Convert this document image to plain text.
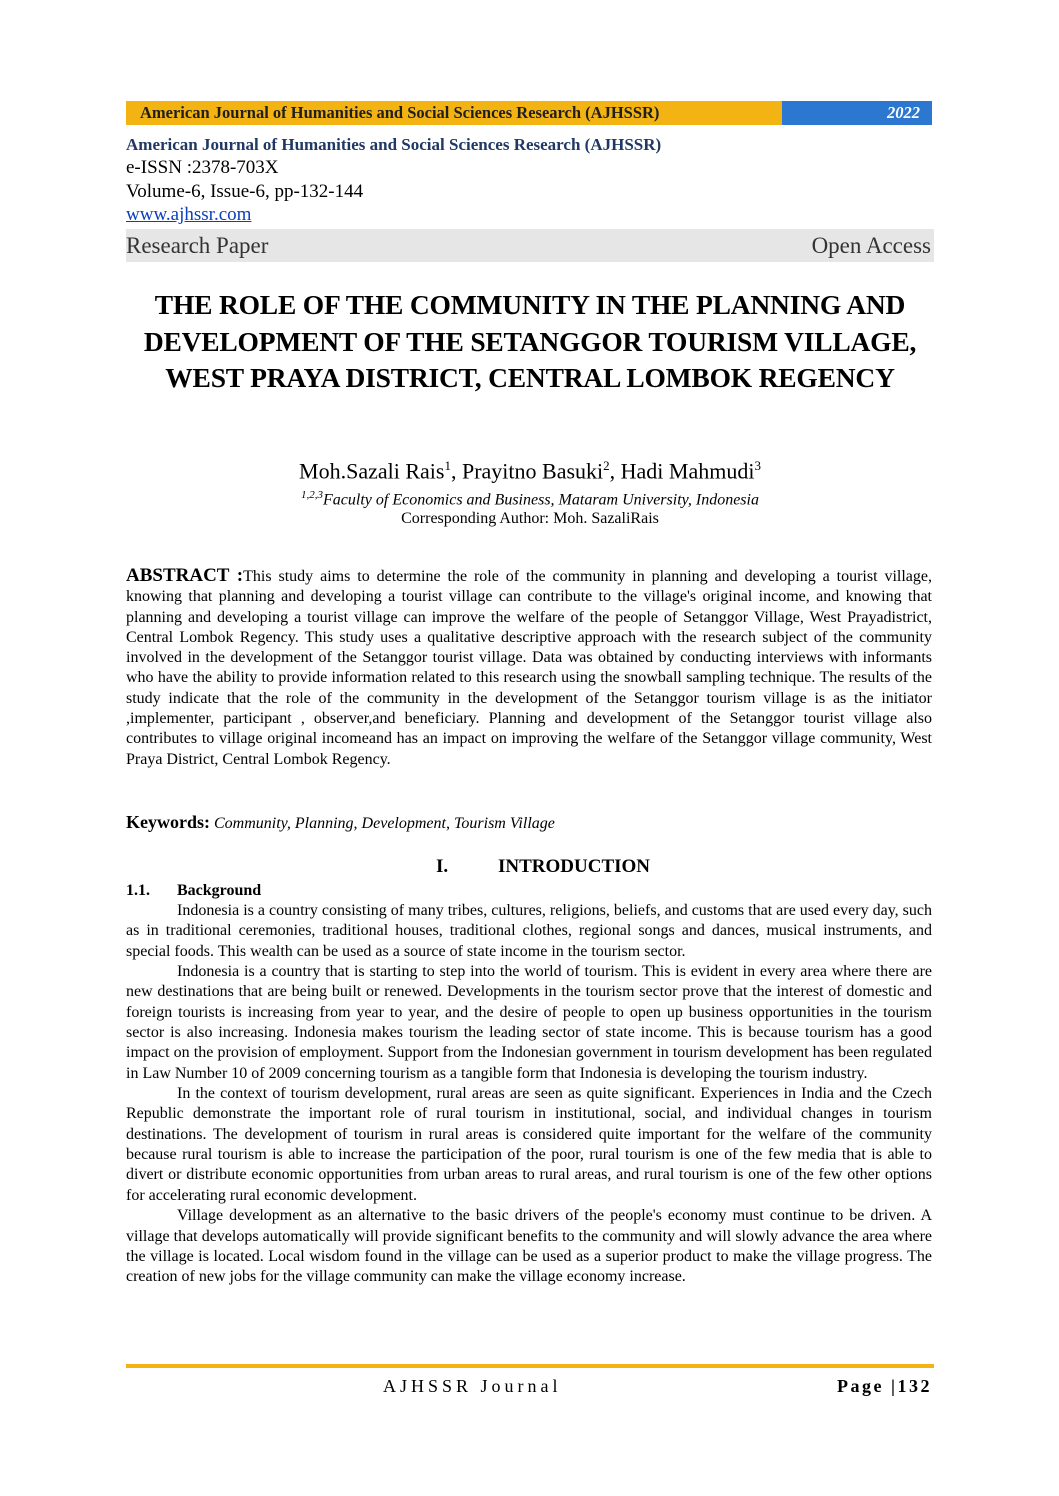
American Journal of Humanities and Social Sciences Research (AJHSSR)	2022
American Journal of Humanities and Social Sciences Research (AJHSSR)
e-ISSN :2378-703X
Volume-6, Issue-6, pp-132-144
www.ajhssr.com
Research Paper	Open Access
THE ROLE OF THE COMMUNITY IN THE PLANNING AND DEVELOPMENT OF THE SETANGGOR TOURISM VILLAGE, WEST PRAYA DISTRICT, CENTRAL LOMBOK REGENCY
Moh.Sazali Rais$^1$, Prayitno Basuki$^2$, Hadi Mahmudi$^3$
$^{1,2,3}$Faculty of Economics and Business, Mataram University, Indonesia
Corresponding Author: Moh. SazaliRais
ABSTRACT :This study aims to determine the role of the community in planning and developing a tourist village, knowing that planning and developing a tourist village can contribute to the village's original income, and knowing that planning and developing a tourist village can improve the welfare of the people of Setanggor Village, West Prayadistrict, Central Lombok Regency. This study uses a qualitative descriptive approach with the research subject of the community involved in the development of the Setanggor tourist village. Data was obtained by conducting interviews with informants who have the ability to provide information related to this research using the snowball sampling technique. The results of the study indicate that the role of the community in the development of the Setanggor tourism village is as the initiator ,implementer, participant , observer,and beneficiary. Planning and development of the Setanggor tourist village also contributes to village original incomeand has an impact on improving the welfare of the Setanggor village community, West Praya District, Central Lombok Regency.
Keywords: Community, Planning, Development, Tourism Village
I.	INTRODUCTION
1.1. Background

Indonesia is a country consisting of many tribes, cultures, religions, beliefs, and customs that are used every day, such as in traditional ceremonies, traditional houses, traditional clothes, regional songs and dances, musical instruments, and special foods. This wealth can be used as a source of state income in the tourism sector.

Indonesia is a country that is starting to step into the world of tourism. This is evident in every area where there are new destinations that are being built or renewed. Developments in the tourism sector prove that the interest of domestic and foreign tourists is increasing from year to year, and the desire of people to open up business opportunities in the tourism sector is also increasing. Indonesia makes tourism the leading sector of state income. This is because tourism has a good impact on the provision of employment. Support from the Indonesian government in tourism development has been regulated in Law Number 10 of 2009 concerning tourism as a tangible form that Indonesia is developing the tourism industry.

In the context of tourism development, rural areas are seen as quite significant. Experiences in India and the Czech Republic demonstrate the important role of rural tourism in institutional, social, and individual changes in tourism destinations. The development of tourism in rural areas is considered quite important for the welfare of the community because rural tourism is able to increase the participation of the poor, rural tourism is one of the few media that is able to divert or distribute economic opportunities from urban areas to rural areas, and rural tourism is one of the few other options for accelerating rural economic development.

Village development as an alternative to the basic drivers of the people's economy must continue to be driven. A village that develops automatically will provide significant benefits to the community and will slowly advance the area where the village is located. Local wisdom found in the village can be used as a superior product to make the village progress. The creation of new jobs for the village community can make the village economy increase.

AJHSSR Journal	Page |132
